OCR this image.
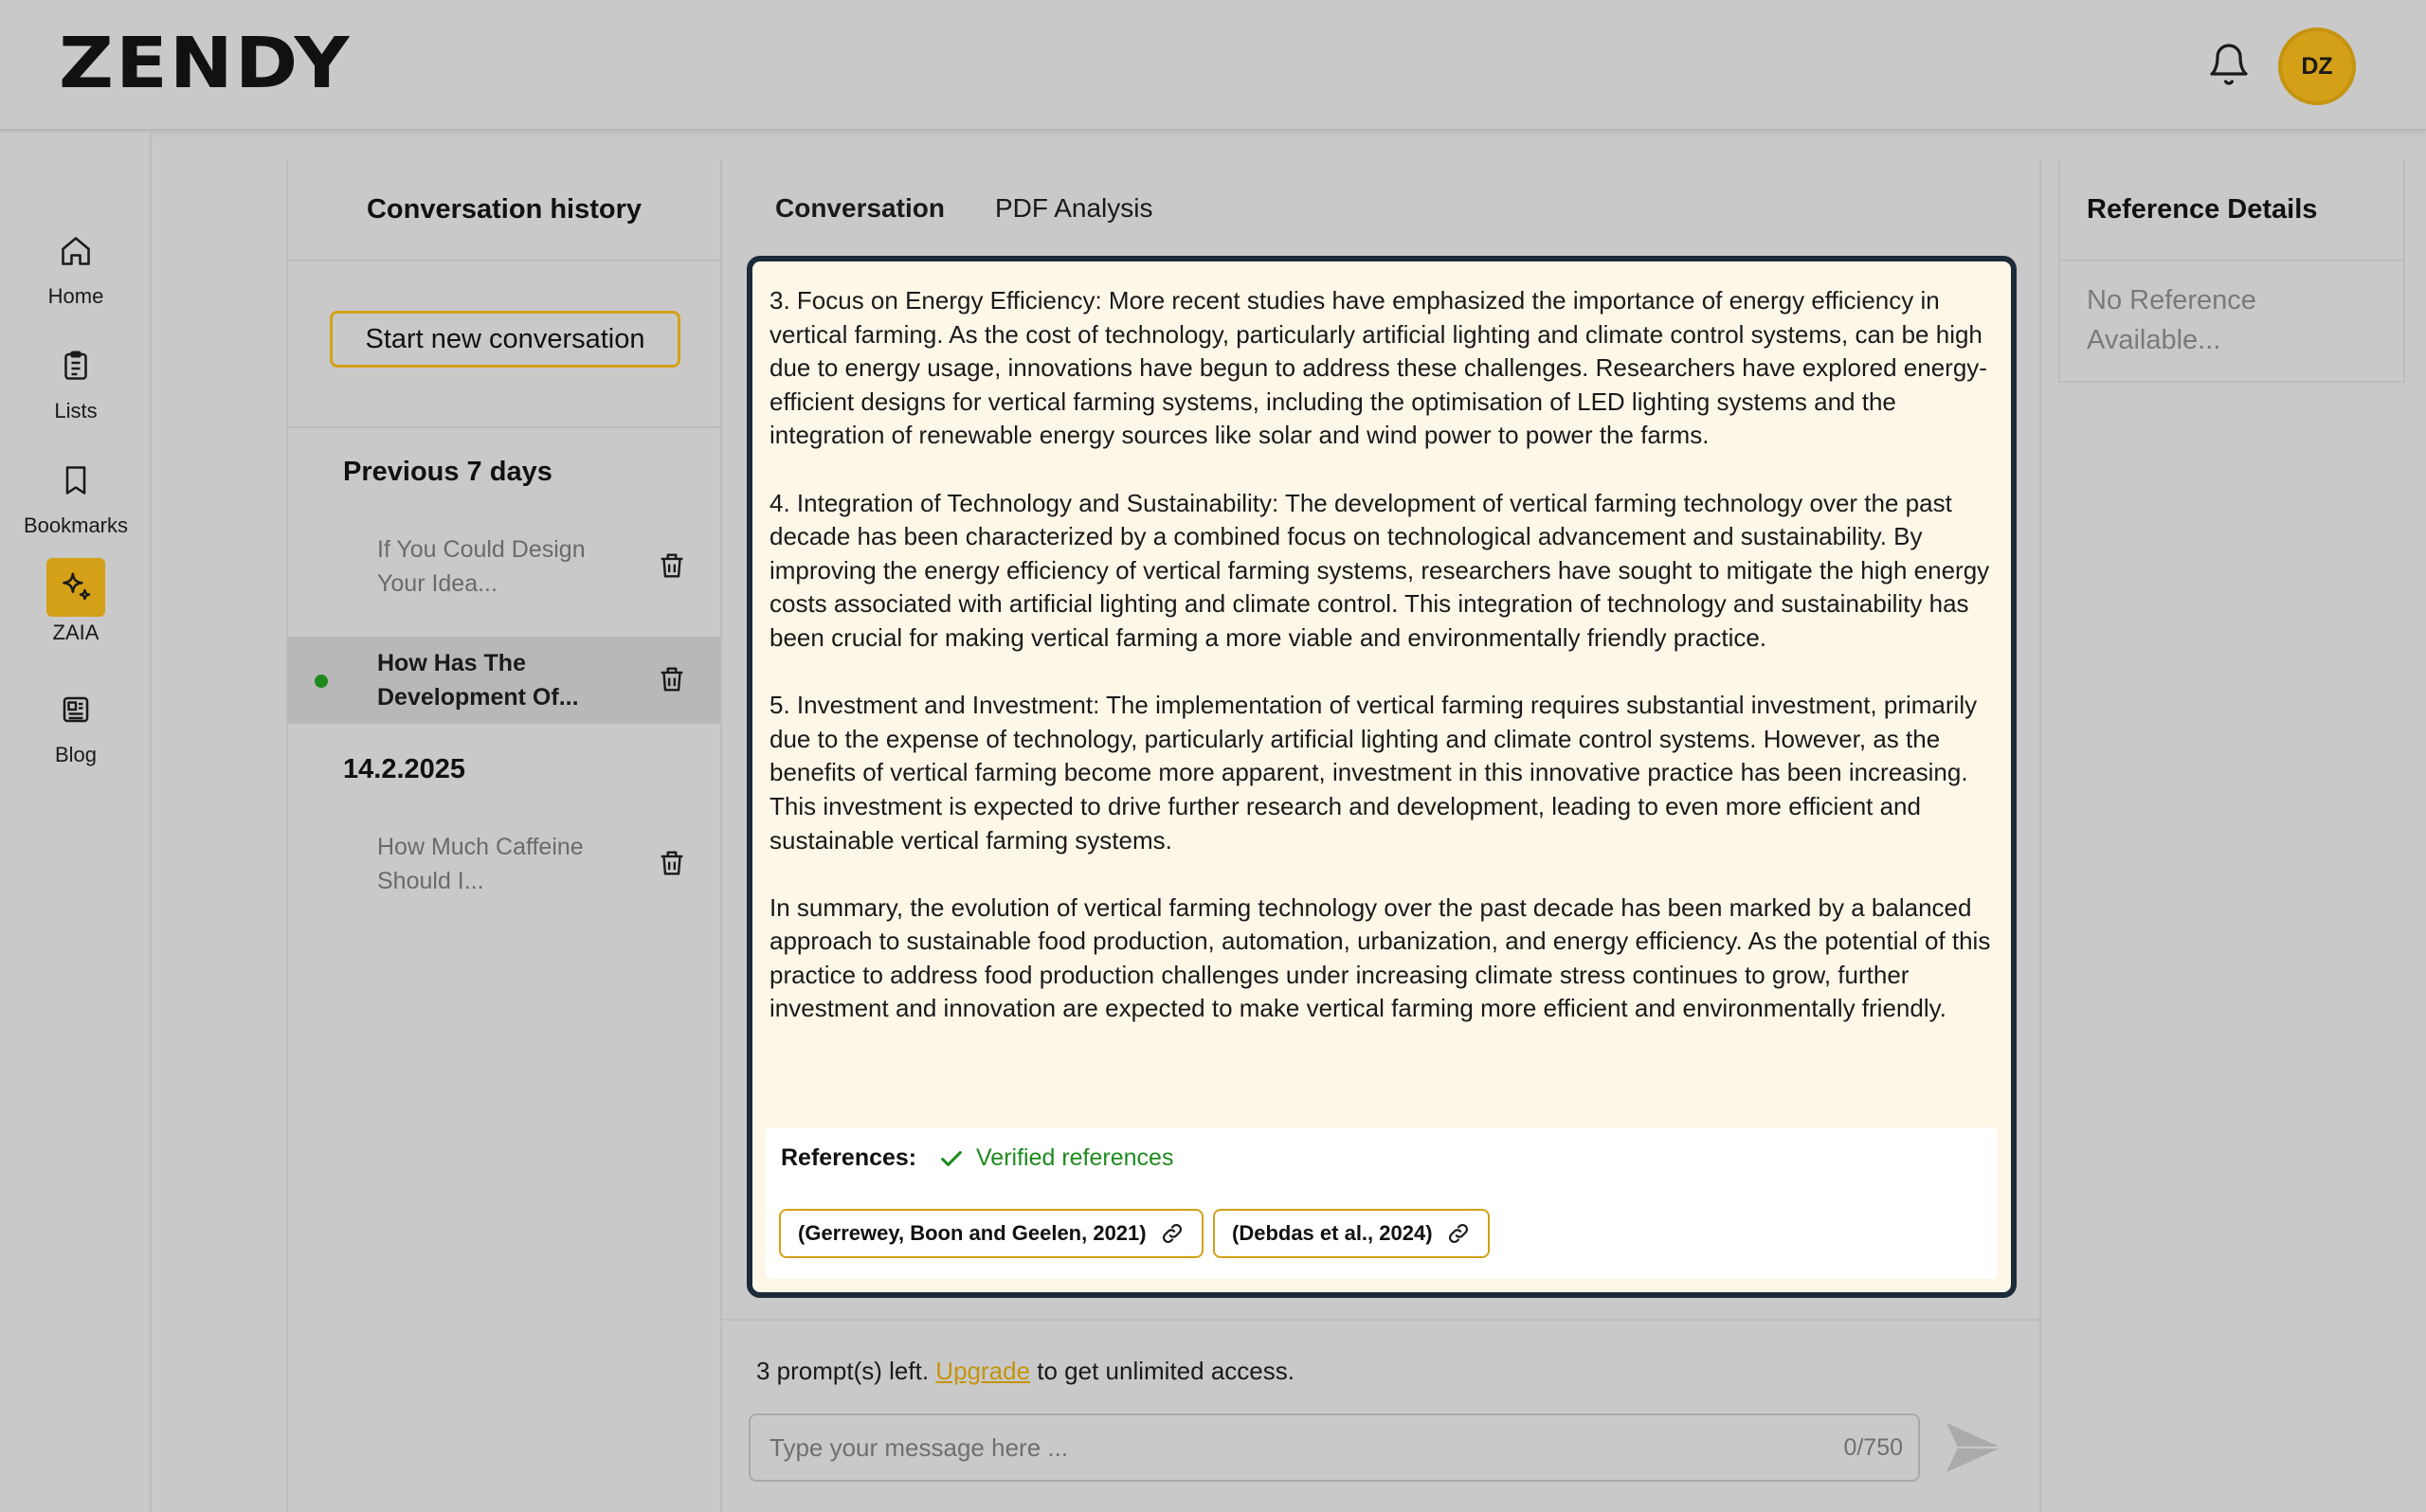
ZENDY	DZ
Home
Lists
Bookmarks
ZAIA
Blog
Conversation history
Start new conversation
Previous 7 days
If You Could Design Your Idea...
How Has The Development Of...
14.2.2025
How Much Caffeine Should I...
Conversation PDF Analysis

3. Focus on Energy Efficiency: More recent studies have emphasized the importance of energy efficiency in vertical farming. As the cost of technology, particularly artificial lighting and climate control systems, can be high due to energy usage, innovations have begun to address these challenges. Researchers have explored energy-efficient designs for vertical farming systems, including the optimisation of LED lighting systems and the integration of renewable energy sources like solar and wind power to power the farms.

4. Integration of Technology and Sustainability: The development of vertical farming technology over the past decade has been characterized by a combined focus on technological advancement and sustainability. By improving the energy efficiency of vertical farming systems, researchers have sought to mitigate the high energy costs associated with artificial lighting and climate control. This integration of technology and sustainability has been crucial for making vertical farming a more viable and environmentally friendly practice.

5. Investment and Investment: The implementation of vertical farming requires substantial investment, primarily due to the expense of technology, particularly artificial lighting and climate control systems. However, as the benefits of vertical farming become more apparent, investment in this innovative practice has been increasing. This investment is expected to drive further research and development, leading to even more efficient and sustainable vertical farming systems.

In summary, the evolution of vertical farming technology over the past decade has been marked by a balanced approach to sustainable food production, automation, urbanization, and energy efficiency. As the potential of this practice to address food production challenges under increasing climate stress continues to grow, further investment and innovation are expected to make vertical farming more efficient and environmentally friendly.

References:	Verified references
(Gerrewey, Boon and Geelen, 2021)	(Debdas et al., 2024)
3 prompt(s) left. Upgrade to get unlimited access.
Type your message here ...
0/750
Reference Details
No Reference Available...
